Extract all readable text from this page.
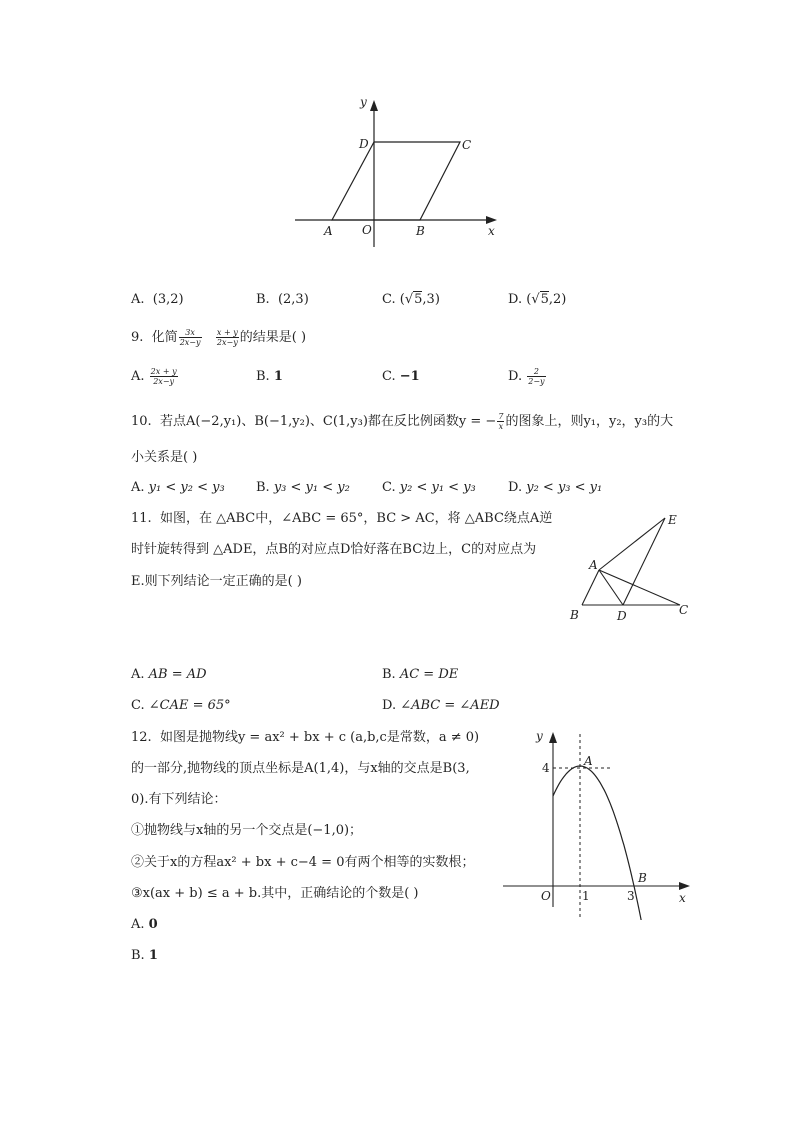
y
x
D	C
A O	B
A. (3,2)	B. (2,3)	C. (√5,3)	D. (√5,2)
9. 化简 $\frac{3x}{2x-y}$
$\frac{x + y}{2x-y}$ 的结果是( )
A. $\frac{2x + y}{2x-y}$	B. 1	C. −1	D. $\frac{2}{2-y}$
10. 若点A(−2,y₁)、B(−1,y₂)、C(1,y₃)都在反比例函数y = − $\frac{7}{x}$ 的图象上，则y₁，y₂，y₃的大
小关系是( )
A. y₁ < y₂ < y₃ B. y₃ < y₁ < y₂ C. y₂ < y₁ < y₃ D. y₂ < y₃ < y₁
11. 如图，在 △ABC中，∠ABC = 65°，BC > AC，将 △ABC绕点A逆
时针旋转得到 △ADE，点B的对应点D恰好落在BC边上，C的对应点为
E.则下列结论一定正确的是( )
E
A
B	D	C
A. AB = AD	B. AC = DE
C. ∠CAE = 65°	D. ∠ABC = ∠AED
12. 如图是抛物线y = ax² + bx + c (a,b,c是常数，a ≠ 0)
的一部分,抛物线的顶点坐标是A(1,4)，与x轴的交点是B(3,
0).有下列结论：
①抛物线与x轴的另一个交点是(−1,0)；
②关于x的方程ax² + bx + c−4 = 0有两个相等的实数根；
③x(ax + b) ≤ a + b.其中，正确结论的个数是( )
A. 0
B. 1
y
x
A
B
O
4
1	3
